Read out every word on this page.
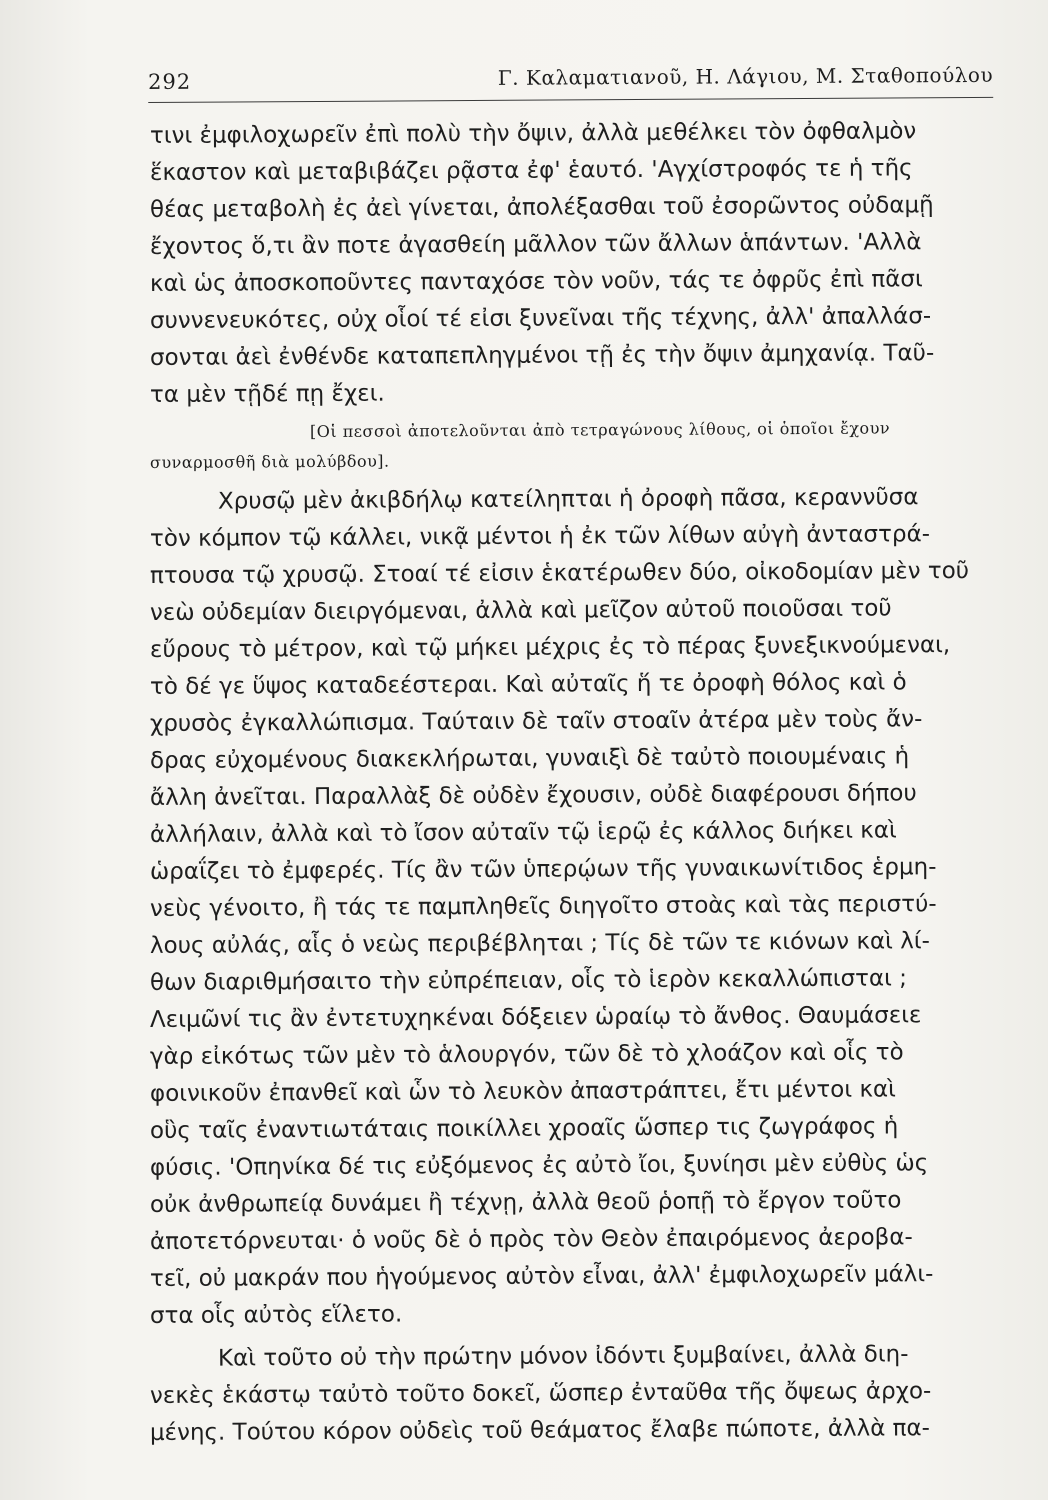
292	Γ. Καλαματιανοῦ, Η. Λάγιου, Μ. Σταθοπούλου
τινι ἐμφιλοχωρεῖν ἐπὶ πολὺ τὴν ὄψιν, ἀλλὰ μεθέλκει τὸν ὀφθαλμὸν
ἕκαστον καὶ μεταβιβάζει ρᾷστα ἐφ' ἑαυτό. 'Αγχίστροφός τε ἡ τῆς
θέας μεταβολὴ ἐς ἀεὶ γίνεται, ἀπολέξασθαι τοῦ ἐσορῶντος οὐδαμῇ
ἔχοντος ὅ,τι ἂν ποτε ἀγασθείη μᾶλλον τῶν ἄλλων ἁπάντων. 'Αλλὰ
καὶ ὡς ἀποσκοποῦντες πανταχόσε τὸν νοῦν, τάς τε ὀφρῦς ἐπὶ πᾶσι
συννενευκότες, οὐχ οἷοί τέ εἰσι ξυνεῖναι τῆς τέχνης, ἀλλ' ἀπαλλάσ-
σονται ἀεὶ ἐνθένδε καταπεπληγμένοι τῇ ἐς τὴν ὄψιν ἀμηχανίᾳ. Ταῦ-
τα μὲν τῇδέ πῃ ἔχει.
[Οἱ πεσσοὶ ἀποτελοῦνται ἀπὸ τετραγώνους λίθους, οἱ ὁποῖοι ἔχουν
συναρμοσθῆ διὰ μολύβδου].
Χρυσῷ μὲν ἀκιβδήλῳ κατείληπται ἡ ὀροφὴ πᾶσα, κεραννῦσα
τὸν κόμπον τῷ κάλλει, νικᾷ μέντοι ἡ ἐκ τῶν λίθων αὐγὴ ἀνταστρά-
πτουσα τῷ χρυσῷ. Στοαί τέ εἰσιν ἑκατέρωθεν δύο, οἰκοδομίαν μὲν τοῦ
νεὼ οὐδεμίαν διειργόμεναι, ἀλλὰ καὶ μεῖζον αὐτοῦ ποιοῦσαι τοῦ
εὔρους τὸ μέτρον, καὶ τῷ μήκει μέχρις ἐς τὸ πέρας ξυνεξικνούμεναι,
τὸ δέ γε ὕψος καταδεέστεραι. Καὶ αὐταῖς ἥ τε ὀροφὴ θόλος καὶ ὁ
χρυσὸς ἐγκαλλώπισμα. Ταύταιν δὲ ταῖν στοαῖν ἀτέρα μὲν τοὺς ἄν-
δρας εὐχομένους διακεκλήρωται, γυναιξὶ δὲ ταὐτὸ ποιουμέναις ἡ
ἄλλη ἀνεῖται. Παραλλὰξ δὲ οὐδὲν ἔχουσιν, οὐδὲ διαφέρουσι δήπου
ἀλλήλαιν, ἀλλὰ καὶ τὸ ἴσον αὐταῖν τῷ ἱερῷ ἐς κάλλος διήκει καὶ
ὡραΐζει τὸ ἐμφερές. Τίς ἂν τῶν ὑπερῴων τῆς γυναικωνίτιδος ἑρμη-
νεὺς γένοιτο, ἢ τάς τε παμπληθεῖς διηγοῖτο στοὰς καὶ τὰς περιστύ-
λους αὐλάς, αἷς ὁ νεὼς περιβέβληται ; Τίς δὲ τῶν τε κιόνων καὶ λί-
θων διαριθμήσαιτο τὴν εὐπρέπειαν, οἷς τὸ ἱερὸν κεκαλλώπισται ;
Λειμῶνί τις ἂν ἐντετυχηκέναι δόξειεν ὡραίῳ τὸ ἄνθος. Θαυμάσειε
γὰρ εἰκότως τῶν μὲν τὸ ἁλουργόν, τῶν δὲ τὸ χλοάζον καὶ οἷς τὸ
φοινικοῦν ἐπανθεῖ καὶ ὧν τὸ λευκὸν ἀπαστράπτει, ἔτι μέντοι καὶ
οὓς ταῖς ἐναντιωτάταις ποικίλλει χροαῖς ὥσπερ τις ζωγράφος ἡ
φύσις. 'Οπηνίκα δέ τις εὐξόμενος ἐς αὐτὸ ἴοι, ξυνίησι μὲν εὐθὺς ὡς
οὐκ ἀνθρωπείᾳ δυνάμει ἢ τέχνῃ, ἀλλὰ θεοῦ ῥοπῇ τὸ ἔργον τοῦτο
ἀποτετόρνευται· ὁ νοῦς δὲ ὁ πρὸς τὸν Θεὸν ἐπαιρόμενος ἀεροβα-
τεῖ, οὐ μακράν που ἡγούμενος αὐτὸν εἶναι, ἀλλ' ἐμφιλοχωρεῖν μάλι-
στα οἷς αὐτὸς εἵλετο.
Καὶ τοῦτο οὐ τὴν πρώτην μόνον ἰδόντι ξυμβαίνει, ἀλλὰ διη-
νεκὲς ἑκάστῳ ταὐτὸ τοῦτο δοκεῖ, ὥσπερ ἐνταῦθα τῆς ὄψεως ἀρχο-
μένης. Τούτου κόρον οὐδεὶς τοῦ θεάματος ἔλαβε πώποτε, ἀλλὰ πα-
